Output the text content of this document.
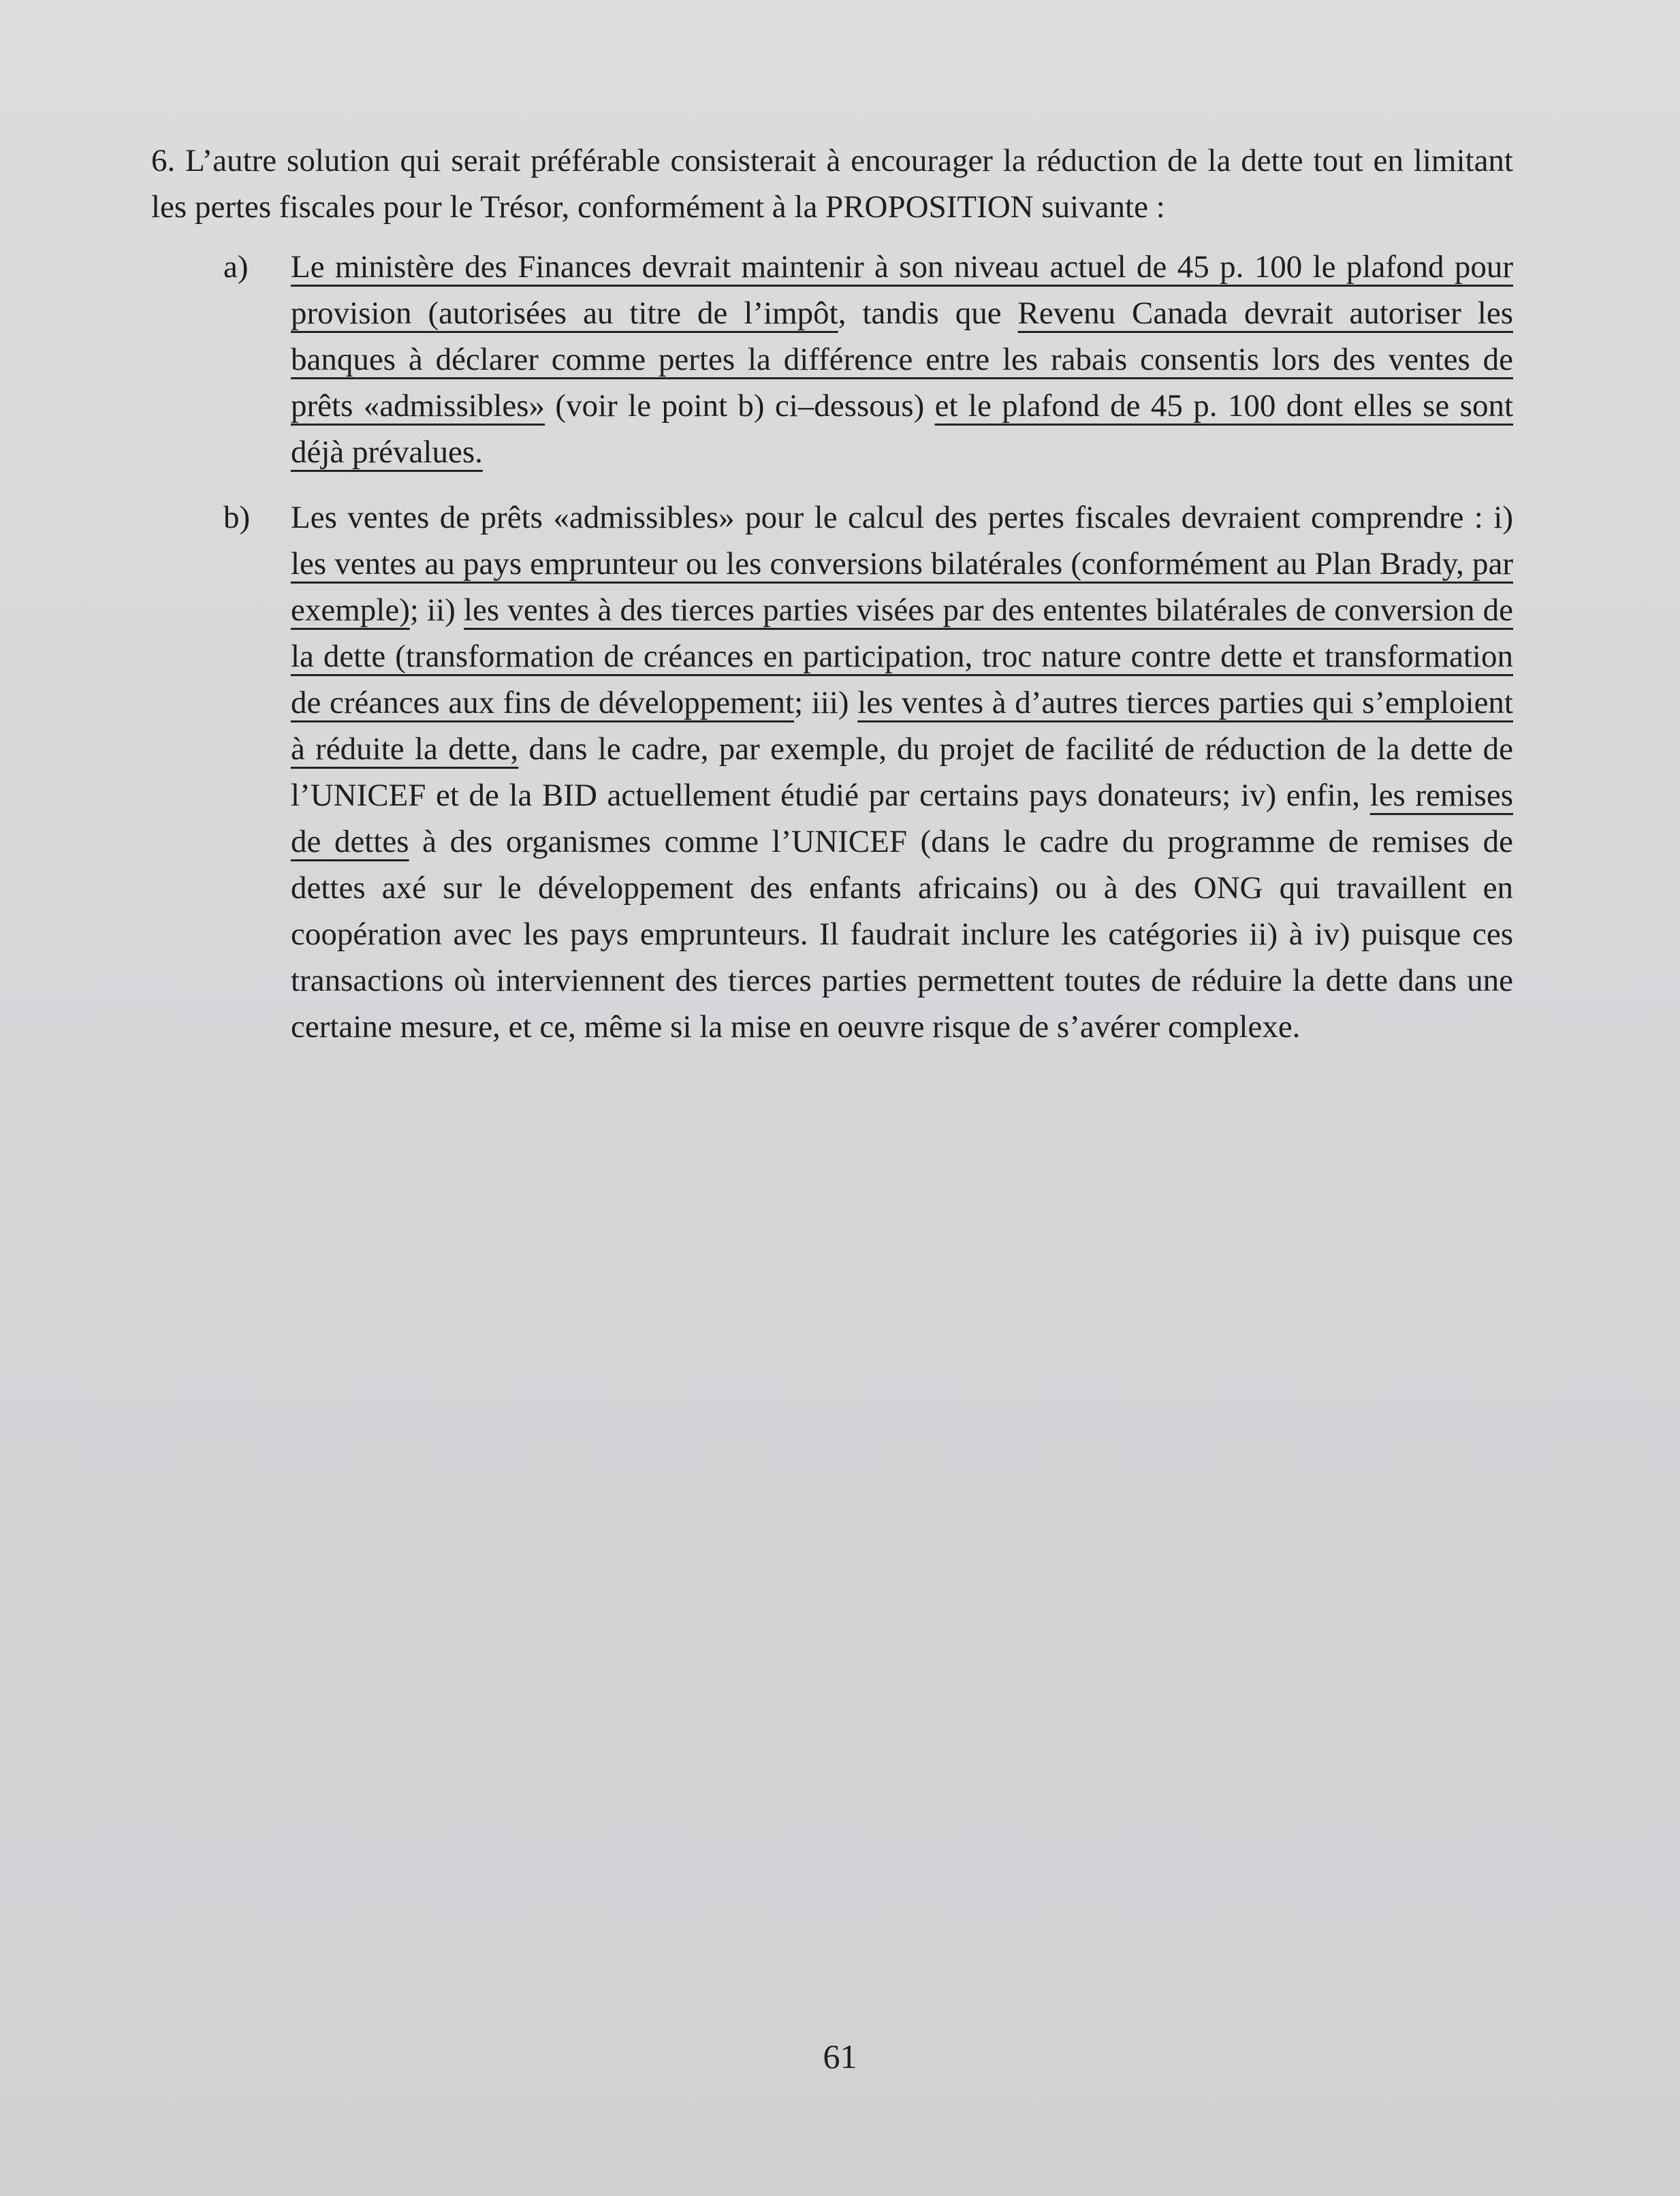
6. L’autre solution qui serait préférable consisterait à encourager la réduction de la dette tout en limitant les pertes fiscales pour le Trésor, conformément à la PROPOSITION suivante :

a) Le ministère des Finances devrait maintenir à son niveau actuel de 45 p. 100 le plafond pour provision (autorisées au titre de l’impôt, tandis que Revenu Canada devrait autoriser les banques à déclarer comme pertes la différence entre les rabais consentis lors des ventes de prêts «admissibles» (voir le point b) ci–dessous) et le plafond de 45 p. 100 dont elles se sont déjà prévalues.

b) Les ventes de prêts «admissibles» pour le calcul des pertes fiscales devraient comprendre : i) les ventes au pays emprunteur ou les conversions bilatérales (conformément au Plan Brady, par exemple); ii) les ventes à des tierces parties visées par des ententes bilatérales de conversion de la dette (transformation de créances en participation, troc nature contre dette et transformation de créances aux fins de développement; iii) les ventes à d’autres tierces parties qui s’emploient à réduite la dette, dans le cadre, par exemple, du projet de facilité de réduction de la dette de l’UNICEF et de la BID actuellement étudié par certains pays donateurs; iv) enfin, les remises de dettes à des organismes comme l’UNICEF (dans le cadre du programme de remises de dettes axé sur le développement des enfants africains) ou à des ONG qui travaillent en coopération avec les pays emprunteurs. Il faudrait inclure les catégories ii) à iv) puisque ces transactions où interviennent des tierces parties permettent toutes de réduire la dette dans une certaine mesure, et ce, même si la mise en oeuvre risque de s’avérer complexe.

61
